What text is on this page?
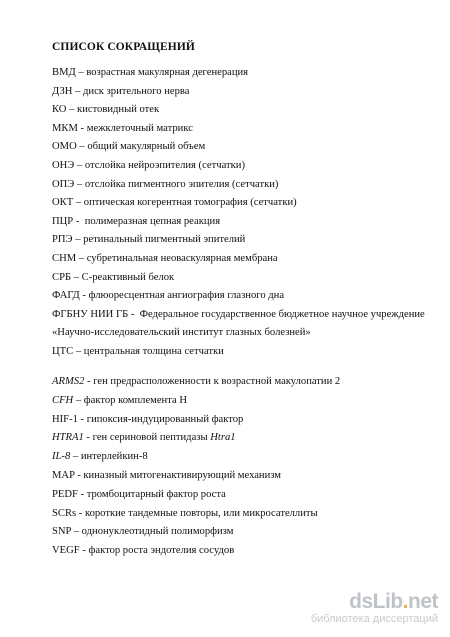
СПИСОК СОКРАЩЕНИЙ
ВМД – возрастная макулярная дегенерация
ДЗН – диск зрительного нерва
КО – кистовидный отек
МКМ - межклеточный матрикс
ОМО – общий макулярный объем
ОНЭ – отслойка нейроэпителия (сетчатки)
ОПЭ – отслойка пигментного эпителия (сетчатки)
ОКТ – оптическая когерентная томография (сетчатки)
ПЦР -  полимеразная цепная реакция
РПЭ – ретинальный пигментный эпителий
СНМ – субретинальная неоваскулярная мембрана
СРБ – С-реактивный белок
ФАГД - флюоресцентная ангиография глазного дна
ФГБНУ НИИ ГБ -  Федеральное государственное бюджетное научное учреждение
«Научно-исследовательский институт глазных болезней»
ЦТС – центральная толщина сетчатки
ARMS2 - ген предрасположенности к возрастной макулопатии 2
CFH – фактор комплемента Н
HIF-1 - гипоксия-индуцированный фактор
HTRA1 - ген сериновой пептидазы Htra1
IL-8 – интерлейкин-8
MAP - киназный митогенактивирующий механизм
PEDF - тромбоцитарный фактор роста
SCRs - короткие тандемные повторы, или микросателлиты
SNP – однонуклеотидный полиморфизм
VEGF - фактор роста эндотелия сосудов
dsLib.net
библиотека диссертаций
